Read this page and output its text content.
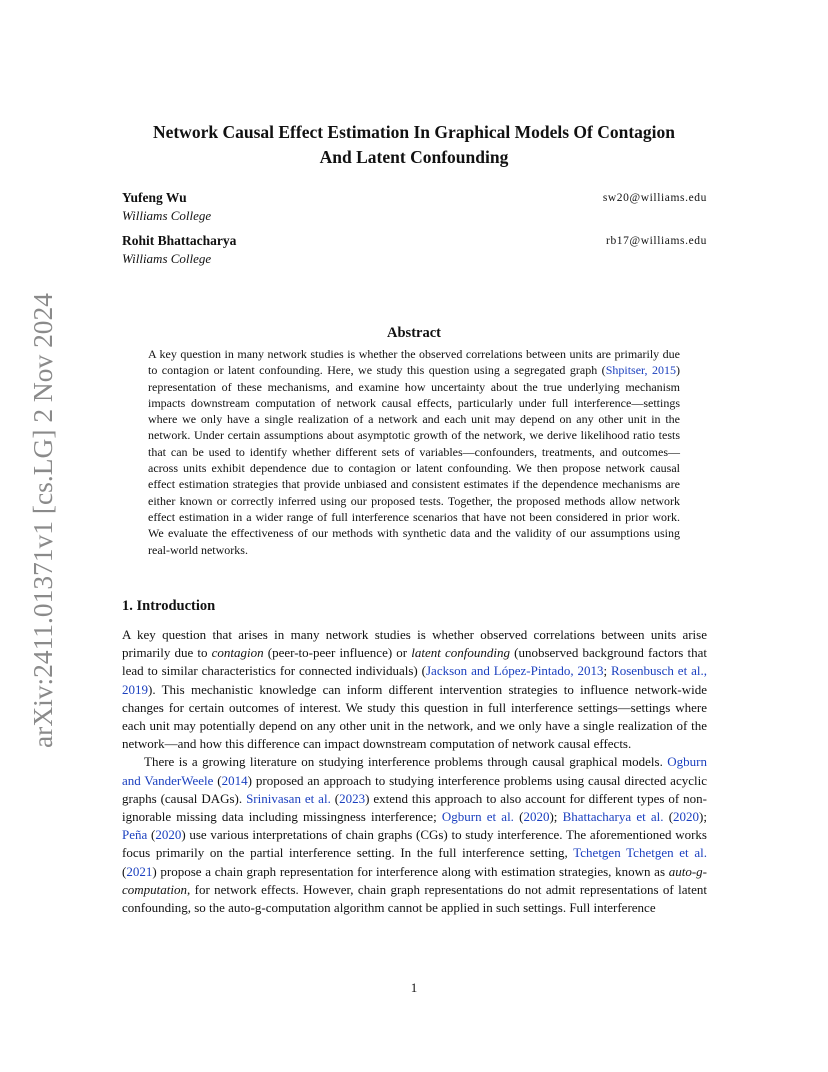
arXiv:2411.01371v1 [cs.LG] 2 Nov 2024
Network Causal Effect Estimation In Graphical Models Of Contagion
And Latent Confounding
Yufeng Wu
Williams College
sw20@williams.edu
Rohit Bhattacharya
Williams College
rb17@williams.edu
Abstract

A key question in many network studies is whether the observed correlations between units are primarily due to contagion or latent confounding. Here, we study this question using a segregated graph (Shpitser, 2015) representation of these mechanisms, and examine how uncertainty about the true underlying mechanism impacts downstream computation of network causal effects, particularly under full interference—settings where we only have a single realization of a network and each unit may depend on any other unit in the network. Under certain assumptions about asymptotic growth of the network, we derive likelihood ratio tests that can be used to identify whether different sets of variables—confounders, treatments, and outcomes—across units exhibit dependence due to contagion or latent confounding. We then propose network causal effect estimation strategies that provide unbiased and consistent estimates if the dependence mechanisms are either known or correctly inferred using our proposed tests. Together, the proposed methods allow network effect estimation in a wider range of full interference scenarios that have not been considered in prior work. We evaluate the effectiveness of our methods with synthetic data and the validity of our assumptions using real-world networks.

1. Introduction

A key question that arises in many network studies is whether observed correlations between units arise primarily due to contagion (peer-to-peer influence) or latent confounding (unobserved background factors that lead to similar characteristics for connected individuals) (Jackson and López-Pintado, 2013; Rosenbusch et al., 2019). This mechanistic knowledge can inform different intervention strategies to influence network-wide changes for certain outcomes of interest. We study this question in full interference settings—settings where each unit may potentially depend on any other unit in the network, and we only have a single realization of the network—and how this difference can impact downstream computation of network causal effects.

There is a growing literature on studying interference problems through causal graphical models. Ogburn and VanderWeele (2014) proposed an approach to studying interference problems using causal directed acyclic graphs (causal DAGs). Srinivasan et al. (2023) extend this approach to also account for different types of non-ignorable missing data including missingness interference; Ogburn et al. (2020); Bhattacharya et al. (2020); Peña (2020) use various interpretations of chain graphs (CGs) to study interference. The aforementioned works focus primarily on the partial interference setting. In the full interference setting, Tchetgen Tchetgen et al. (2021) propose a chain graph representation for interference along with estimation strategies, known as auto-g-computation, for network effects. However, chain graph representations do not admit representations of latent confounding, so the auto-g-computation algorithm cannot be applied in such settings. Full interference

1
